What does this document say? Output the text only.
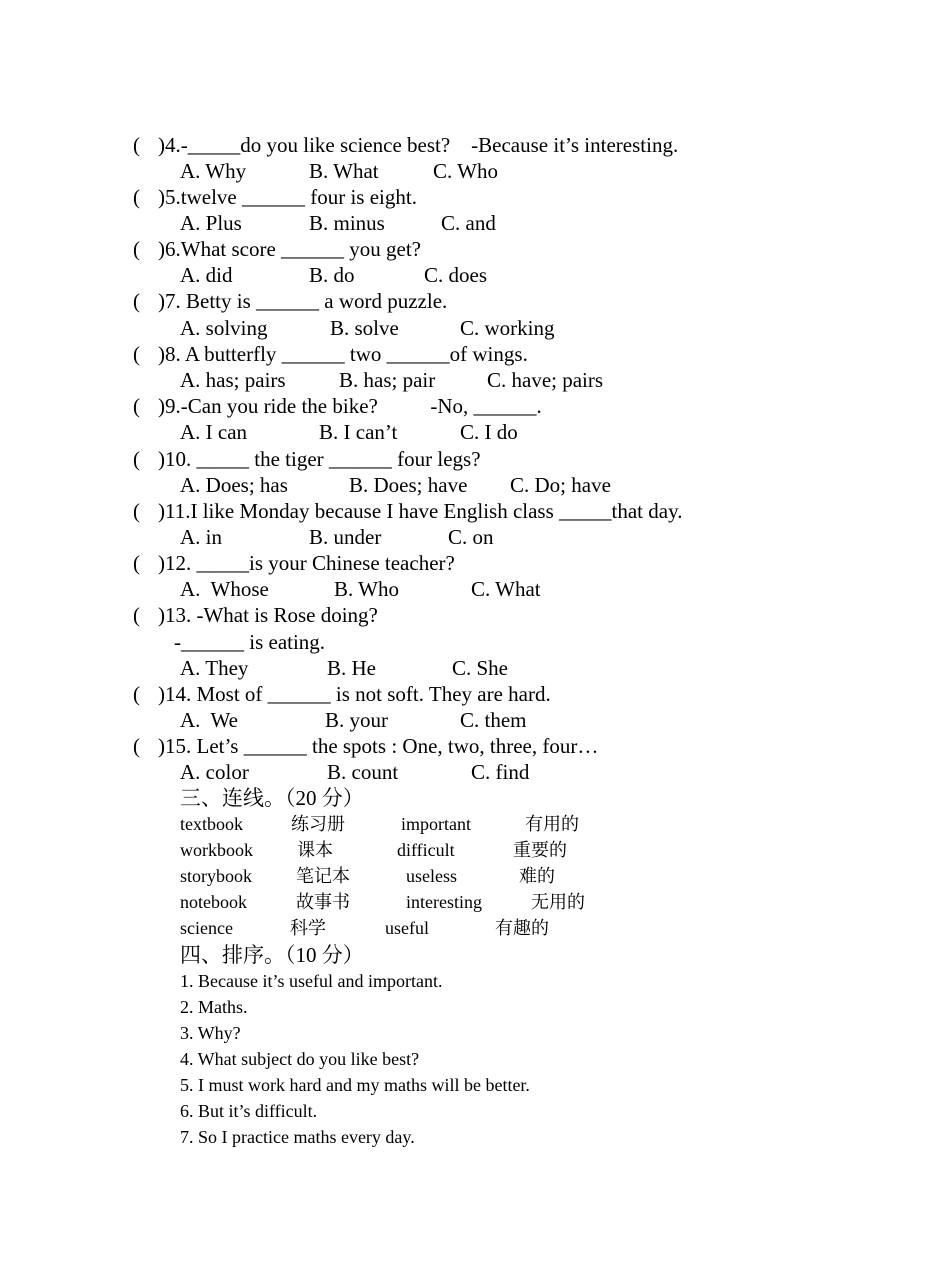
( )4.-_____do you like science best?    -Because it’s interesting.
A. Why	B. What	C. Who
( )5.twelve ______ four is eight.
A. Plus	B. minus	C. and
( )6.What score ______ you get?
A. did	B. do	C. does
( )7. Betty is ______ a word puzzle.
A. solving	B. solve	C. working
( )8. A butterfly ______ two ______of wings.
A. has; pairs	B. has; pair C. have; pairs
( )9.-Can you ride the bike?          -No, ______.
A. I can	B. I can’t	C. I do
( )10. _____ the tiger ______ four legs?
A. Does; has	B. Does; have C. Do; have
( )11.I like Monday because I have English class _____that day.
A. in	B. under	C. on
( )12. _____is your Chinese teacher?
A.  Whose	B. Who	C. What
( )13. -What is Rose doing?
-______ is eating.
A. They	B. He	C. She
( )14. Most of ______ is not soft. They are hard.
A.  We	B. your	C. them
( )15. Let’s ______ the spots : One, two, three, four…
A. color	B. count	C. find
三、连线。（20 分）
textbook	练习册	important	有用的
workbook 课本	difficult	重要的
storybook 笔记本	useless	难的
notebook	故事书	interesting	无用的
science	科学	useful	有趣的
四、排序。（10 分）
1. Because it’s useful and important.
2. Maths.
3. Why?
4. What subject do you like best?
5. I must work hard and my maths will be better.
6. But it’s difficult.
7. So I practice maths every day.
